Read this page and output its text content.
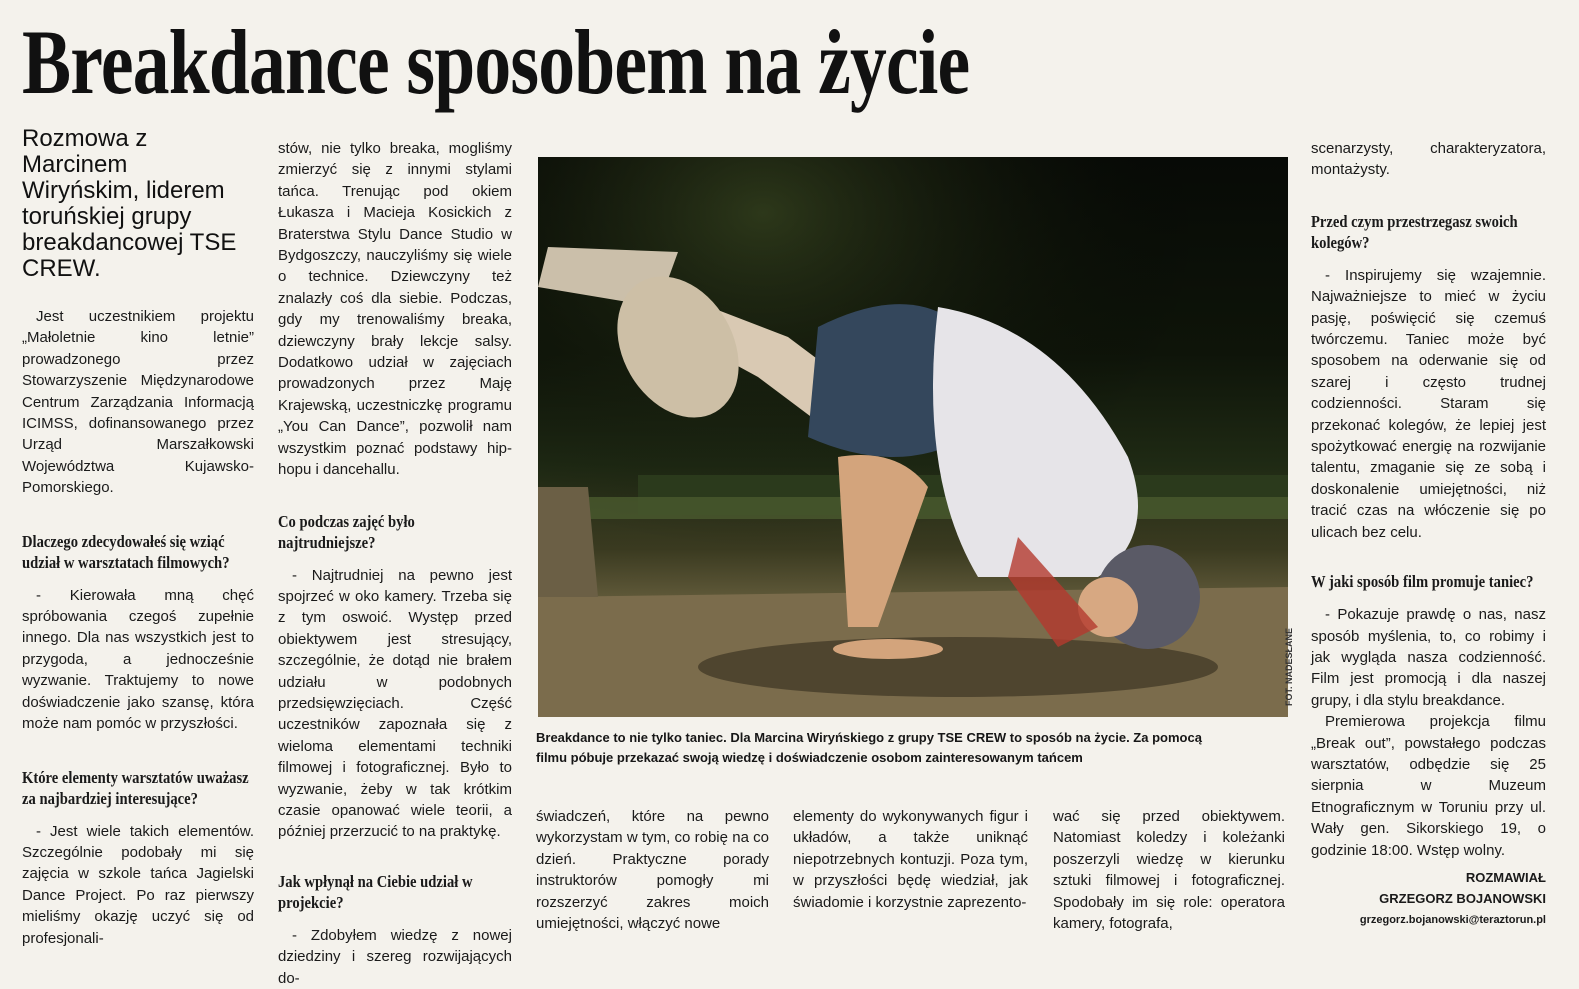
Breakdance sposobem na życie
Rozmowa z Marcinem Wiryńskim, liderem toruńskiej grupy breakdancowej TSE CREW.

Jest uczestnikiem projektu „Małoletnie kino letnie” prowadzonego przez Stowarzyszenie Międzynarodowe Centrum Zarządzania Informacją ICIMSS, dofinansowanego przez Urząd Marszałkowski Województwa Kujawsko-Pomorskiego.

Dlaczego zdecydowałeś się wziąć udział w warsztatach filmowych?

- Kierowała mną chęć spróbowania czegoś zupełnie innego. Dla nas wszystkich jest to przygoda, a jednocześnie wyzwanie. Traktujemy to nowe doświadczenie jako szansę, która może nam pomóc w przyszłości.

Które elementy warsztatów uważasz za najbardziej interesujące?

- Jest wiele takich elementów. Szczególnie podobały mi się zajęcia w szkole tańca Jagielski Dance Project. Po raz pierwszy mieliśmy okazję uczyć się od profesjonali-

stów, nie tylko breaka, mogliśmy zmierzyć się z innymi stylami tańca. Trenując pod okiem Łukasza i Macieja Kosickich z Braterstwa Stylu Dance Studio w Bydgoszczy, nauczyliśmy się wiele o technice. Dziewczyny też znalazły coś dla siebie. Podczas, gdy my trenowaliśmy breaka, dziewczyny brały lekcje salsy. Dodatkowo udział w zajęciach prowadzonych przez Maję Krajewską, uczestniczkę programu „You Can Dance”, pozwolił nam wszystkim poznać podstawy hip-hopu i dancehallu.

Co podczas zajęć było najtrudniejsze?

- Najtrudniej na pewno jest spojrzeć w oko kamery. Trzeba się z tym oswoić. Występ przed obiektywem jest stresujący, szczególnie, że dotąd nie brałem udziału w podobnych przedsięwzięciach. Część uczestników zapoznała się z wieloma elementami techniki filmowej i fotograficznej. Było to wyzwanie, żeby w tak krótkim czasie opanować wiele teorii, a później przerzucić to na praktykę.

Jak wpłynął na Ciebie udział w projekcie?

- Zdobyłem wiedzę z nowej dziedziny i szereg rozwijających do-

FOT. NADESŁANE
Breakdance to nie tylko taniec. Dla Marcina Wiryńskiego z grupy TSE CREW to sposób na życie. Za pomocą filmu póbuje przekazać swoją wiedzę i doświadczenie osobom zainteresowanym tańcem

świadczeń, które na pewno wykorzystam w tym, co robię na co dzień. Praktyczne porady instruktorów pomogły mi rozszerzyć zakres moich umiejętności, włączyć nowe

elementy do wykonywanych figur i układów, a także uniknąć niepotrzebnych kontuzji. Poza tym, w przyszłości będę wiedział, jak świadomie i korzystnie zaprezento-

wać się przed obiektywem. Natomiast koledzy i koleżanki poszerzyli wiedzę w kierunku sztuki filmowej i fotograficznej. Spodobały im się role: operatora kamery, fotografa,

scenarzysty, charakteryzatora, montażysty.

Przed czym przestrzegasz swoich kolegów?

- Inspirujemy się wzajemnie. Najważniejsze to mieć w życiu pasję, poświęcić się czemuś twórczemu. Taniec może być sposobem na oderwanie się od szarej i często trudnej codzienności. Staram się przekonać kolegów, że lepiej jest spożytkować energię na rozwijanie talentu, zmaganie się ze sobą i doskonalenie umiejętności, niż tracić czas na włóczenie się po ulicach bez celu.

W jaki sposób film promuje taniec?

- Pokazuje prawdę o nas, nasz sposób myślenia, to, co robimy i jak wygląda nasza codzienność. Film jest promocją i dla naszej grupy, i dla stylu breakdance.

Premierowa projekcja filmu „Break out”, powstałego podczas warsztatów, odbędzie się 25 sierpnia w Muzeum Etnograficznym w Toruniu przy ul. Wały gen. Sikorskiego 19, o godzinie 18:00. Wstęp wolny.

ROZMAWIAŁ

GRZEGORZ BOJANOWSKI

grzegorz.bojanowski@teraztorun.pl
